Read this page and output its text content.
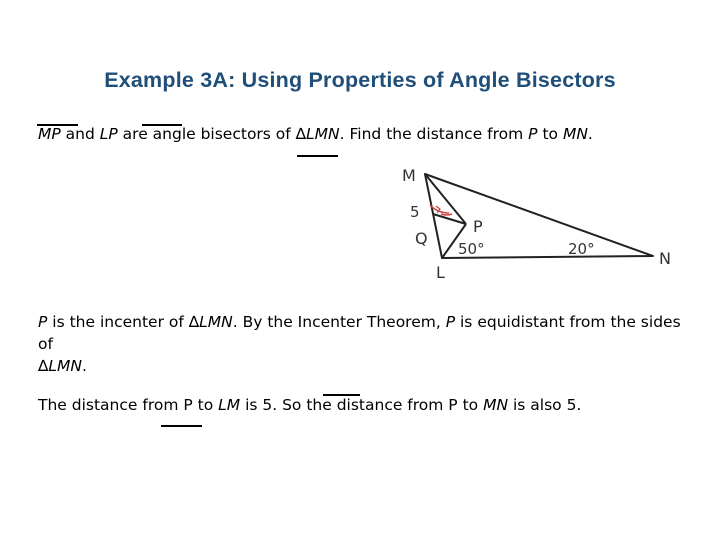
Example 3A: Using Properties of Angle Bisectors
MP and LP are angle bisectors of ∆LMN. Find the distance from P to MN.
M
P
Q
L
N
5
50°	20°
P is the incenter of ∆LMN. By the Incenter Theorem, P is equidistant from the sides of
∆LMN.
The distance from P to LM is 5. So the distance from P to MN is also 5.
